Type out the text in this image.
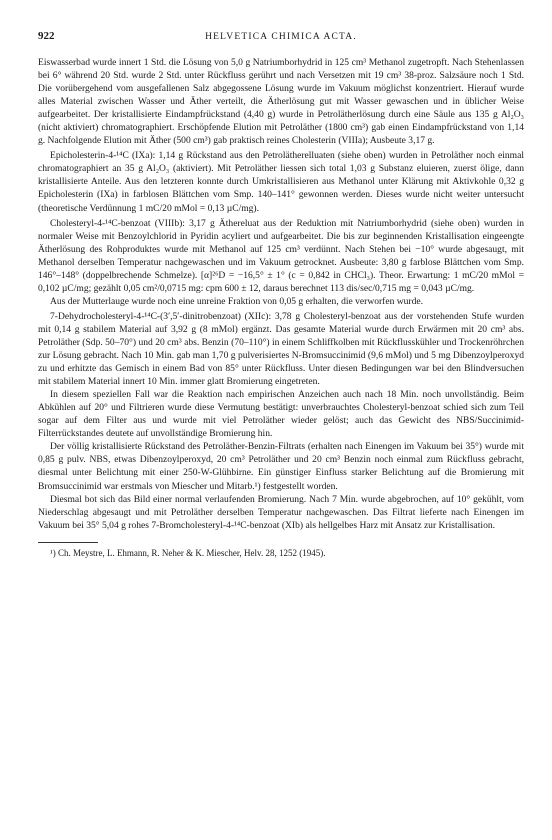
922	HELVETICA CHIMICA ACTA.

Eiswasserbad wurde innert 1 Std. die Lösung von 5,0 g Natriumborhydrid in 125 cm³ Methanol zugetropft. Nach Stehenlassen bei 6° während 20 Std. wurde 2 Std. unter Rückfluss gerührt und nach Versetzen mit 19 cm³ 38-proz. Salzsäure noch 1 Std. Die vorübergehend vom ausgefallenen Salz abgegossene Lösung wurde im Vakuum möglichst konzentriert. Hierauf wurde alles Material zwischen Wasser und Äther verteilt, die Ätherlösung gut mit Wasser gewaschen und in üblicher Weise aufgearbeitet. Der kristallisierte Eindampfrückstand (4,40 g) wurde in Petrolätherlösung durch eine Säule aus 135 g Al₂O₃ (nicht aktiviert) chromatographiert. Erschöpfende Elution mit Petroläther (1800 cm³) gab einen Eindampfrückstand von 1,14 g. Nachfolgende Elution mit Äther (500 cm³) gab praktisch reines Cholesterin (VIIIa); Ausbeute 3,17 g.

Epicholesterin-4-¹⁴C (IXa): 1,14 g Rückstand aus den Petrolätherelluaten (siehe oben) wurden in Petroläther noch einmal chromatographiert an 35 g Al₂O₃ (aktiviert). Mit Petroläther liessen sich total 1,03 g Substanz eluieren, zuerst ölige, dann kristallisierte Anteile. Aus den letzteren konnte durch Umkristallisieren aus Methanol unter Klärung mit Aktivkohle 0,32 g Epicholesterin (IXa) in farblosen Blättchen vom Smp. 140–141° gewonnen werden. Dieses wurde nicht weiter untersucht (theoretische Verdünnung 1 mC/20 mMol = 0,13 µC/mg).

Cholesteryl-4-¹⁴C-benzoat (VIIIb): 3,17 g Äthereluat aus der Reduktion mit Natriumborhydrid (siehe oben) wurden in normaler Weise mit Benzoylchlorid in Pyridin acyliert und aufgearbeitet. Die bis zur beginnenden Kristallisation eingeengte Ätherlösung des Rohproduktes wurde mit Methanol auf 125 cm³ verdünnt. Nach Stehen bei −10° wurde abgesaugt, mit Methanol derselben Temperatur nachgewaschen und im Vakuum getrocknet. Ausbeute: 3,80 g farblose Blättchen vom Smp. 146°–148° (doppelbrechende Schmelze). [α]²⁶D = −16,5° ± 1° (c = 0,842 in CHCl₃). Theor. Erwartung: 1 mC/20 mMol = 0,102 µC/mg; gezählt 0,05 cm²/0,0715 mg: cpm 600 ± 12, daraus berechnet 113 dis/sec/0,715 mg = 0,043 µC/mg.

Aus der Mutterlauge wurde noch eine unreine Fraktion von 0,05 g erhalten, die verworfen wurde.

7-Dehydrocholesteryl-4-¹⁴C-(3′,5′-dinitrobenzoat) (XIIc): 3,78 g Cholesteryl-benzoat aus der vorstehenden Stufe wurden mit 0,14 g stabilem Material auf 3,92 g (8 mMol) ergänzt. Das gesamte Material wurde durch Erwärmen mit 20 cm³ abs. Petroläther (Sdp. 50–70°) und 20 cm³ abs. Benzin (70–110°) in einem Schliffkolben mit Rückflusskühler und Trockenröhrchen zur Lösung gebracht. Nach 10 Min. gab man 1,70 g pulverisiertes N-Bromsuccinimid (9,6 mMol) und 5 mg Dibenzoylperoxyd zu und erhitzte das Gemisch in einem Bad von 85° unter Rückfluss. Unter diesen Bedingungen war bei den Blindversuchen mit stabilem Material innert 10 Min. immer glatt Bromierung eingetreten.

In diesem speziellen Fall war die Reaktion nach empirischen Anzeichen auch nach 18 Min. noch unvollständig. Beim Abkühlen auf 20° und Filtrieren wurde diese Vermutung bestätigt: unverbrauchtes Cholesteryl-benzoat schied sich zum Teil sogar auf dem Filter aus und wurde mit viel Petroläther wieder gelöst; auch das Gewicht des NBS/Succinimid-Filterrückstandes deutete auf unvollständige Bromierung hin.

Der völlig kristallisierte Rückstand des Petroläther-Benzin-Filtrats (erhalten nach Einengen im Vakuum bei 35°) wurde mit 0,85 g pulv. NBS, etwas Dibenzoylperoxyd, 20 cm³ Petroläther und 20 cm³ Benzin noch einmal zum Rückfluss gebracht, diesmal unter Belichtung mit einer 250-W-Glühbirne. Ein günstiger Einfluss starker Belichtung auf die Bromierung mit Bromsuccinimid war erstmals von Miescher und Mitarb.¹) festgestellt worden.

Diesmal bot sich das Bild einer normal verlaufenden Bromierung. Nach 7 Min. wurde abgebrochen, auf 10° gekühlt, vom Niederschlag abgesaugt und mit Petroläther derselben Temperatur nachgewaschen. Das Filtrat lieferte nach Einengen im Vakuum bei 35° 5,04 g rohes 7-Bromcholesteryl-4-¹⁴C-benzoat (XIb) als hellgelbes Harz mit Ansatz zur Kristallisation.

¹) Ch. Meystre, L. Ehmann, R. Neher & K. Miescher, Helv. 28, 1252 (1945).
